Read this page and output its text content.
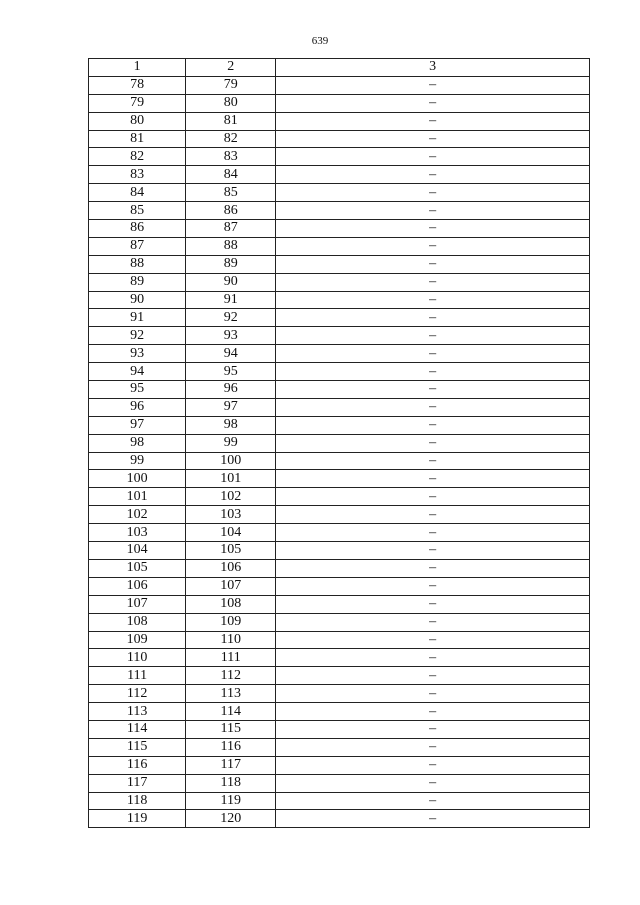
639
1	2	3
78	79	–
79	80	–
80	81	–
81	82	–
82	83	–
83	84	–
84	85	–
85	86	–
86	87	–
87	88	–
88	89	–
89	90	–
90	91	–
91	92	–
92	93	–
93	94	–
94	95	–
95	96	–
96	97	–
97	98	–
98	99	–
99	100	–
100	101	–
101	102	–
102	103	–
103	104	–
104	105	–
105	106	–
106	107	–
107	108	–
108	109	–
109	110	–
110	111	–
111	112	–
112	113	–
113	114	–
114	115	–
115	116	–
116	117	–
117	118	–
118	119	–
119	120	–
